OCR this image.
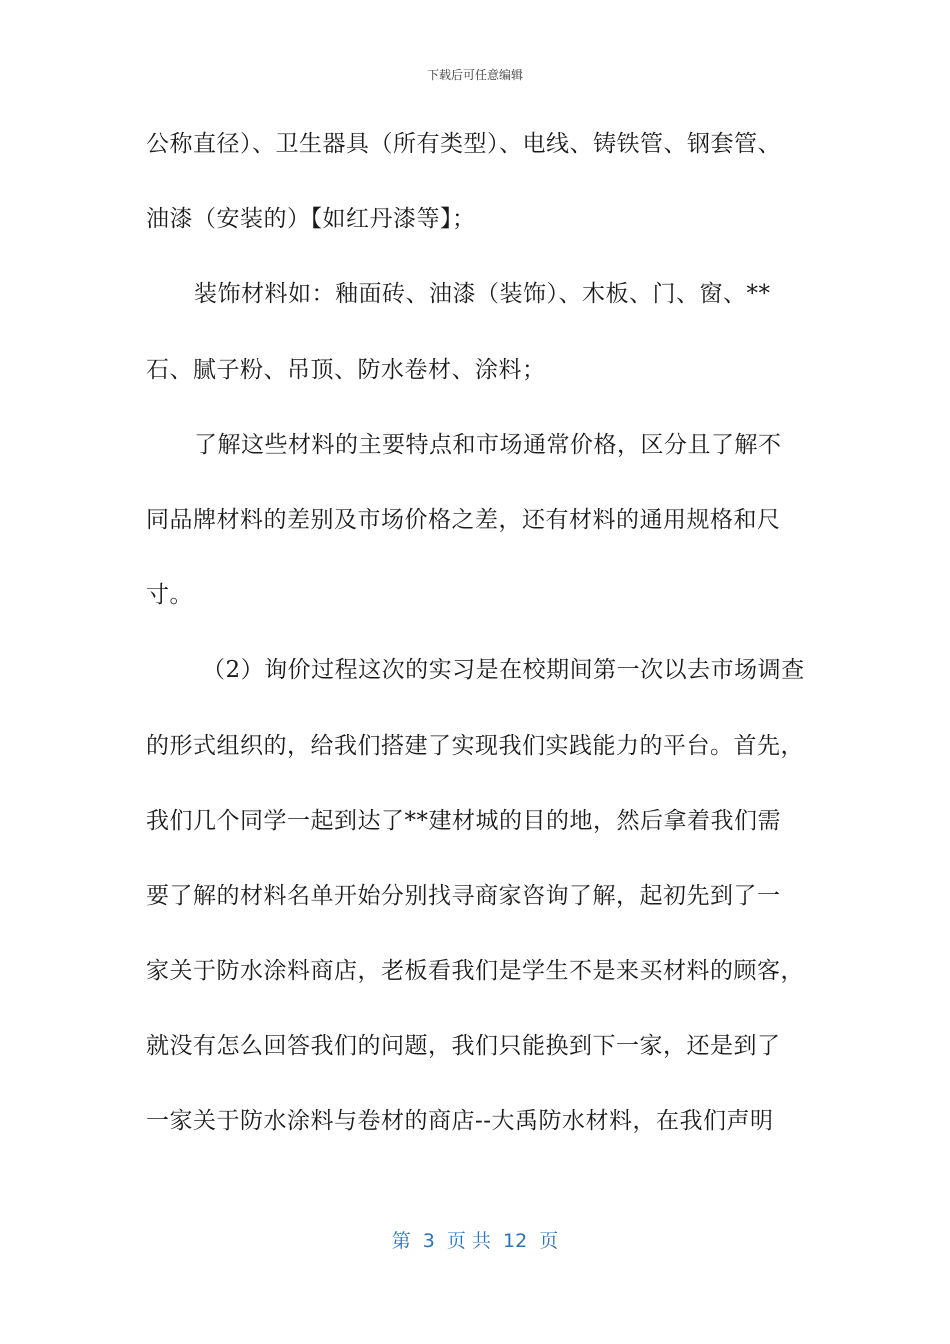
下载后可任意编辑
公称直径）、卫生器具（所有类型）、电线、铸铁管、钢套管、
油漆（安装的）【如红丹漆等】；
装饰材料如：釉面砖、油漆（装饰）、木板、门、窗、**
石、腻子粉、吊顶、防水卷材、涂料；
了解这些材料的主要特点和市场通常价格，区分且了解不
同品牌材料的差别及市场价格之差，还有材料的通用规格和尺
寸。
（2）询价过程这次的实习是在校期间第一次以去市场调查
的形式组织的，给我们搭建了实现我们实践能力的平台。首先，
我们几个同学一起到达了**建材城的目的地，然后拿着我们需
要了解的材料名单开始分别找寻商家咨询了解，起初先到了一
家关于防水涂料商店，老板看我们是学生不是来买材料的顾客，
就没有怎么回答我们的问题，我们只能换到下一家，还是到了
一家关于防水涂料与卷材的商店--大禹防水材料，在我们声明
第  3  页 共  12  页
